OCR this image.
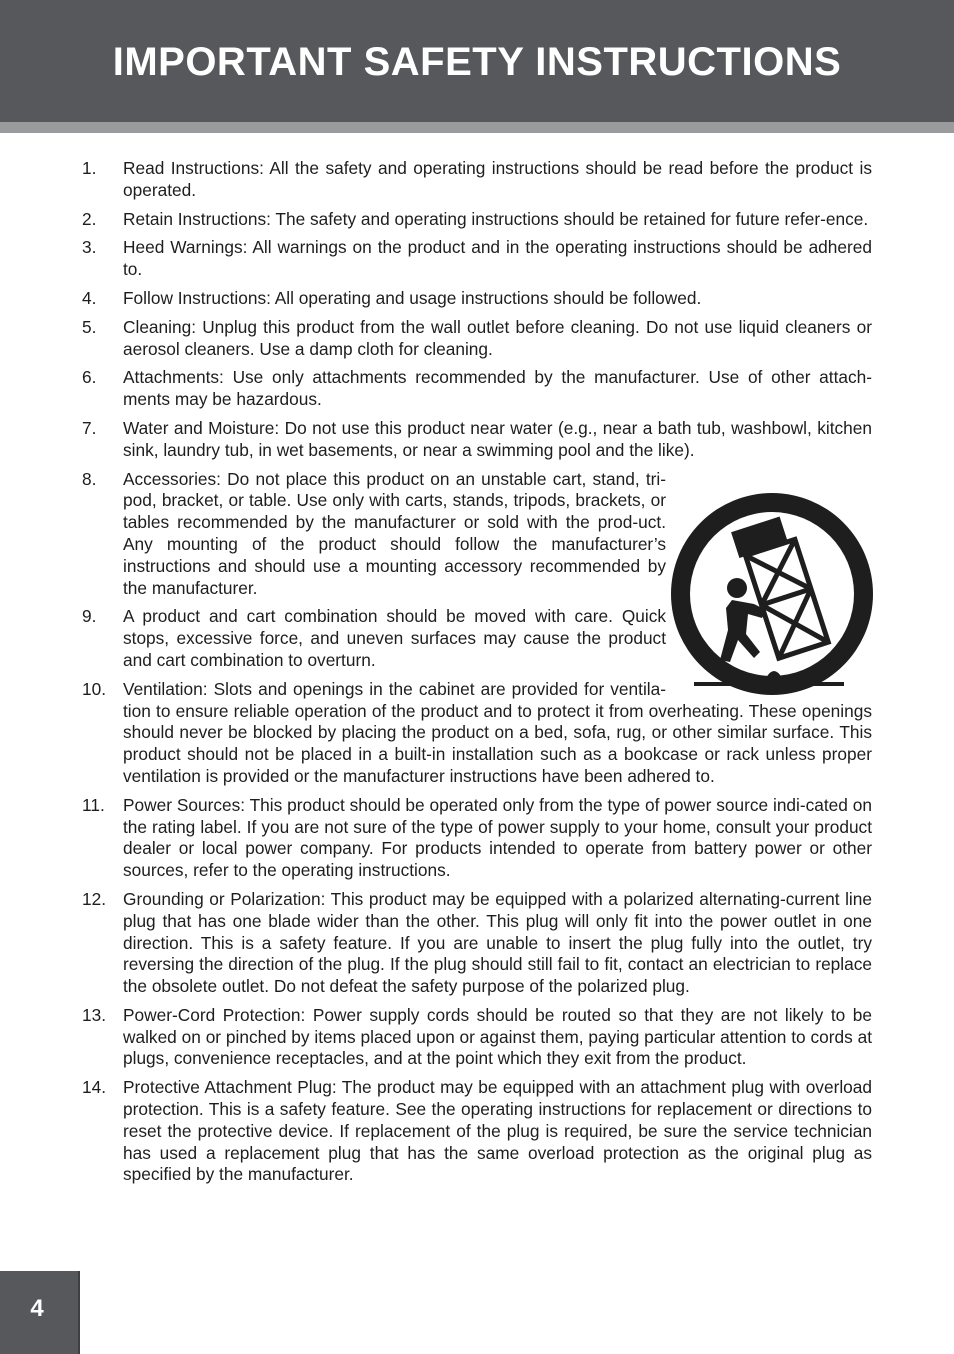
IMPORTANT SAFETY INSTRUCTIONS
1.	Read Instructions: All the safety and operating instructions should be read before the product is operated.
2.	Retain Instructions: The safety and operating instructions should be retained for future refer-ence.
3.	Heed Warnings: All warnings on the product and in the operating instructions should be adhered to.
4.	Follow Instructions: All operating and usage instructions should be followed.
5.	Cleaning: Unplug this product from the wall outlet before cleaning. Do not use liquid cleaners or aerosol cleaners. Use a damp cloth for cleaning.
6.	Attachments: Use only attachments recommended by the manufacturer. Use of other attach-ments may be hazardous.
7.	Water and Moisture: Do not use this product near water (e.g., near a bath tub, washbowl, kitchen sink, laundry tub, in wet basements, or near a swimming pool and the like).
8.	Accessories: Do not place this product on an unstable cart, stand, tri-pod, bracket, or table. Use only with carts, stands, tripods, brackets, or tables recommended by the manufacturer or sold with the prod-uct. Any mounting of the product should follow the manufacturer’s instructions and should use a mounting accessory recommended by the manufacturer.
9.	A product and cart combination should be moved with care. Quick stops, excessive force, and uneven surfaces may cause the product and cart combination to overturn.
10. Ventilation: Slots and openings in the cabinet are provided for ventila-tion to ensure reliable operation of the product and to protect it from overheating. These openings should never be blocked by placing the product on a bed, sofa, rug, or other similar surface. This product should not be placed in a built-in installation such as a bookcase or rack unless proper ventilation is provided or the manufacturer instructions have been adhered to.
11.	Power Sources: This product should be operated only from the type of power source indi-cated on the rating label. If you are not sure of the type of power supply to your home, consult your product dealer or local power company. For products intended to operate from battery power or other sources, refer to the operating instructions.
12. Grounding or Polarization: This product may be equipped with a polarized alternating-current line plug that has one blade wider than the other. This plug will only fit into the power outlet in one direction. This is a safety feature. If you are unable to insert the plug fully into the outlet, try reversing the direction of the plug. If the plug should still fail to fit, contact an electrician to replace the obsolete outlet. Do not defeat the safety purpose of the polarized plug.
13. Power-Cord Protection: Power supply cords should be routed so that they are not likely to be walked on or pinched by items placed upon or against them, paying particular attention to cords at plugs, convenience receptacles, and at the point which they exit from the product.
14. Protective Attachment Plug: The product may be equipped with an attachment plug with overload protection. This is a safety feature. See the operating instructions for replacement or directions to reset the protective device. If replacement of the plug is required, be sure the service technician has used a replacement plug that has the same overload protection as the original plug as specified by the manufacturer.
4
